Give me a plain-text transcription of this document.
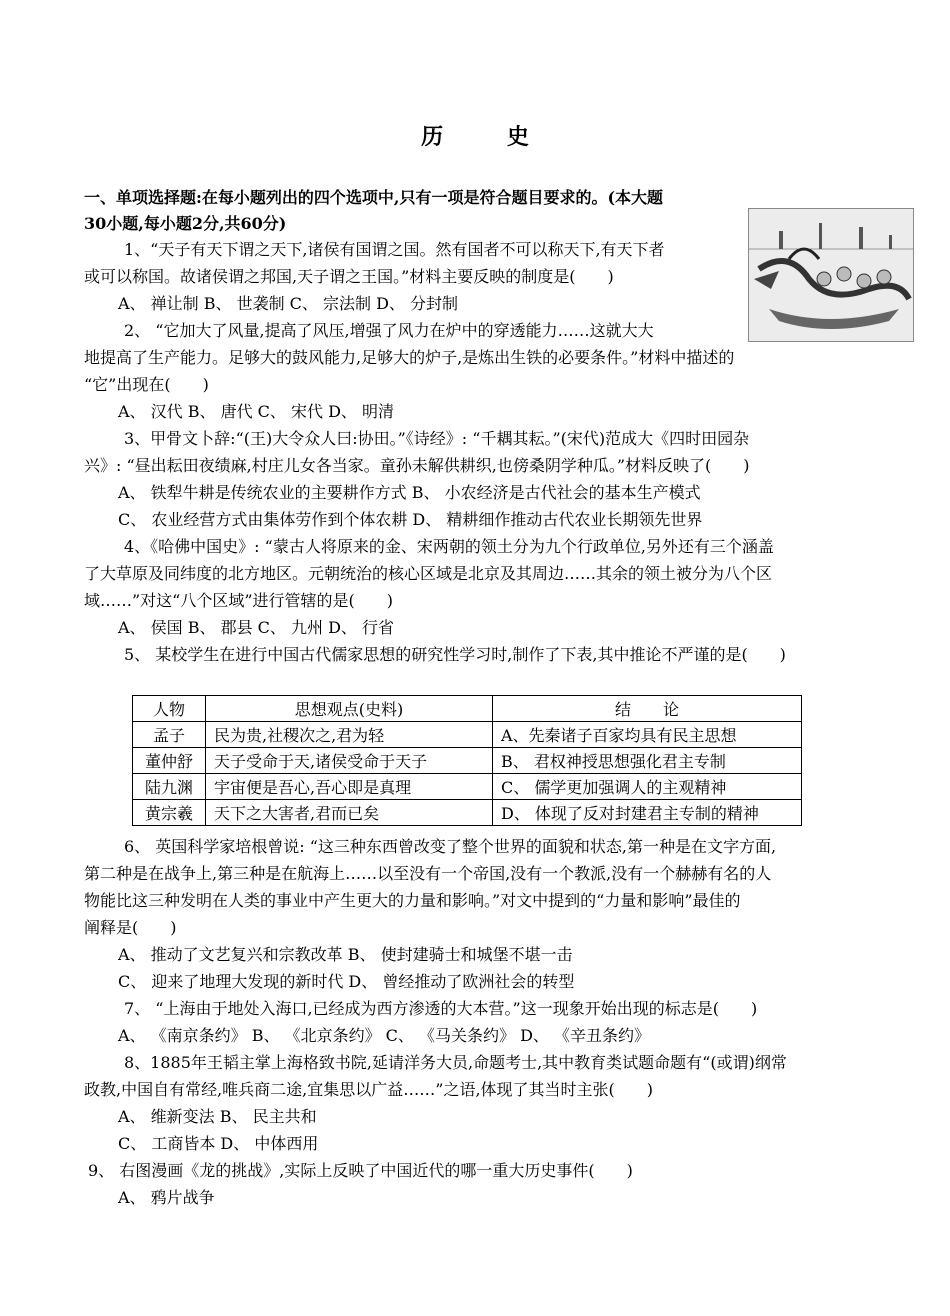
历 史
一、单项选择题:在每小题列出的四个选项中,只有一项是符合题目要求的。(本大题
30小题,每小题2分,共60分)
1、“天子有天下谓之天下,诸侯有国谓之国。然有国者不可以称天下,有天下者
或可以称国。故诸侯谓之邦国,天子谓之王国。”材料主要反映的制度是(　　)
A、 禅让制 B、 世袭制 C、 宗法制 D、 分封制
2、 “它加大了风量,提高了风压,增强了风力在炉中的穿透能力……这就大大
地提高了生产能力。足够大的鼓风能力,足够大的炉子,是炼出生铁的必要条件。”材料中描述的
“它”出现在(　　)
A、 汉代 B、 唐代 C、 宋代 D、 明清
3、甲骨文卜辞:“(王)大令众人曰:协田。”《诗经》: “千耦其耘。”(宋代)范成大《四时田园杂
兴》: “昼出耘田夜绩麻,村庄儿女各当家。童孙未解供耕织,也傍桑阴学种瓜。”材料反映了(　　)
A、 铁犁牛耕是传统农业的主要耕作方式 B、 小农经济是古代社会的基本生产模式
C、 农业经营方式由集体劳作到个体农耕 D、 精耕细作推动古代农业长期领先世界
4、《哈佛中国史》: “蒙古人将原来的金、宋两朝的领土分为九个行政单位,另外还有三个涵盖
了大草原及同纬度的北方地区。元朝统治的核心区域是北京及其周边……其余的领土被分为八个区
域……”对这“八个区域”进行管辖的是(　　)
A、 侯国 B、 郡县 C、 九州 D、 行省
5、 某校学生在进行中国古代儒家思想的研究性学习时,制作了下表,其中推论不严谨的是(　　)
人物	思想观点(史料)	结　　论
孟子	民为贵,社稷次之,君为轻	A、先秦诸子百家均具有民主思想
董仲舒	天子受命于天,诸侯受命于天子	B、 君权神授思想强化君主专制
陆九渊	宇宙便是吾心,吾心即是真理	C、 儒学更加强调人的主观精神
黄宗羲	天下之大害者,君而已矣	D、 体现了反对封建君主专制的精神
6、 英国科学家培根曾说: “这三种东西曾改变了整个世界的面貌和状态,第一种是在文字方面,
第二种是在战争上,第三种是在航海上……以至没有一个帝国,没有一个教派,没有一个赫赫有名的人
物能比这三种发明在人类的事业中产生更大的力量和影响。”对文中提到的“力量和影响”最佳的
阐释是(　　)
A、 推动了文艺复兴和宗教改革 B、 使封建骑士和城堡不堪一击
C、 迎来了地理大发现的新时代 D、 曾经推动了欧洲社会的转型
7、 “上海由于地处入海口,已经成为西方渗透的大本营。”这一现象开始出现的标志是(　　)
A、 《南京条约》 B、 《北京条约》 C、 《马关条约》 D、 《辛丑条约》
8、1885年王韬主掌上海格致书院,延请洋务大员,命题考士,其中教育类试题命题有“(或谓)纲常
政教,中国自有常经,唯兵商二途,宜集思以广益……”之语,体现了其当时主张(　　)
A、 维新变法 B、 民主共和
C、 工商皆本 D、 中体西用
9、 右图漫画《龙的挑战》,实际上反映了中国近代的哪一重大历史事件(　　)
A、 鸦片战争
